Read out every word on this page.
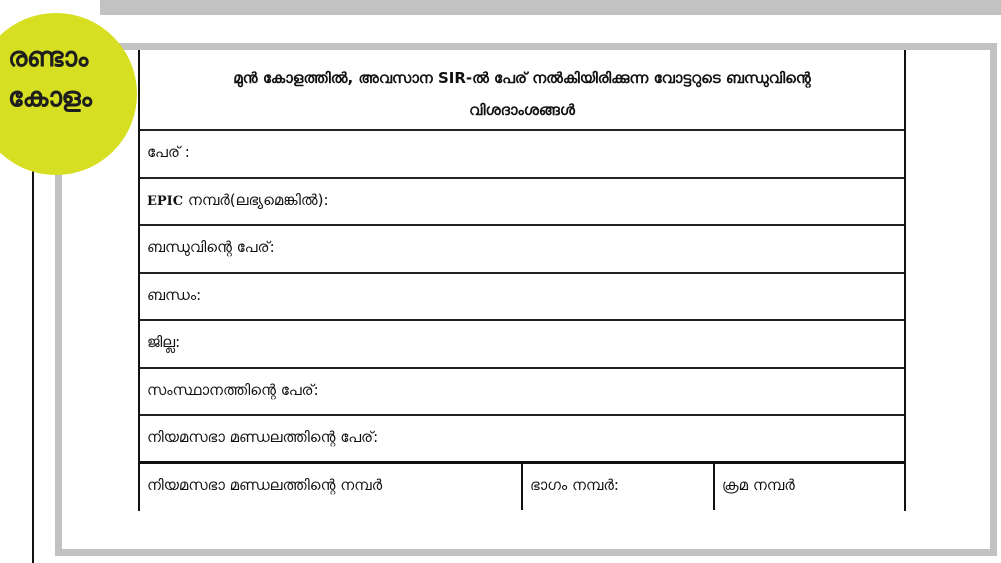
രണ്ടാം
കോളം
മുൻ കോളത്തിൽ, അവസാന SIR-ൽ പേര് നൽകിയിരിക്കുന്ന വോട്ടറുടെ ബന്ധുവിന്റെ
വിശദാംശങ്ങൾ
പേര് :
EPIC നമ്പർ(ലഭ്യമെങ്കിൽ):
ബന്ധുവിന്റെ പേര്:
ബന്ധം:
ജില്ല:
സംസ്ഥാനത്തിന്റെ പേര്:
നിയമസഭാ മണ്ഡലത്തിന്റെ പേര്:
നിയമസഭാ മണ്ഡലത്തിന്റെ നമ്പർ	ഭാഗം നമ്പർ:	ക്രമ നമ്പർ
